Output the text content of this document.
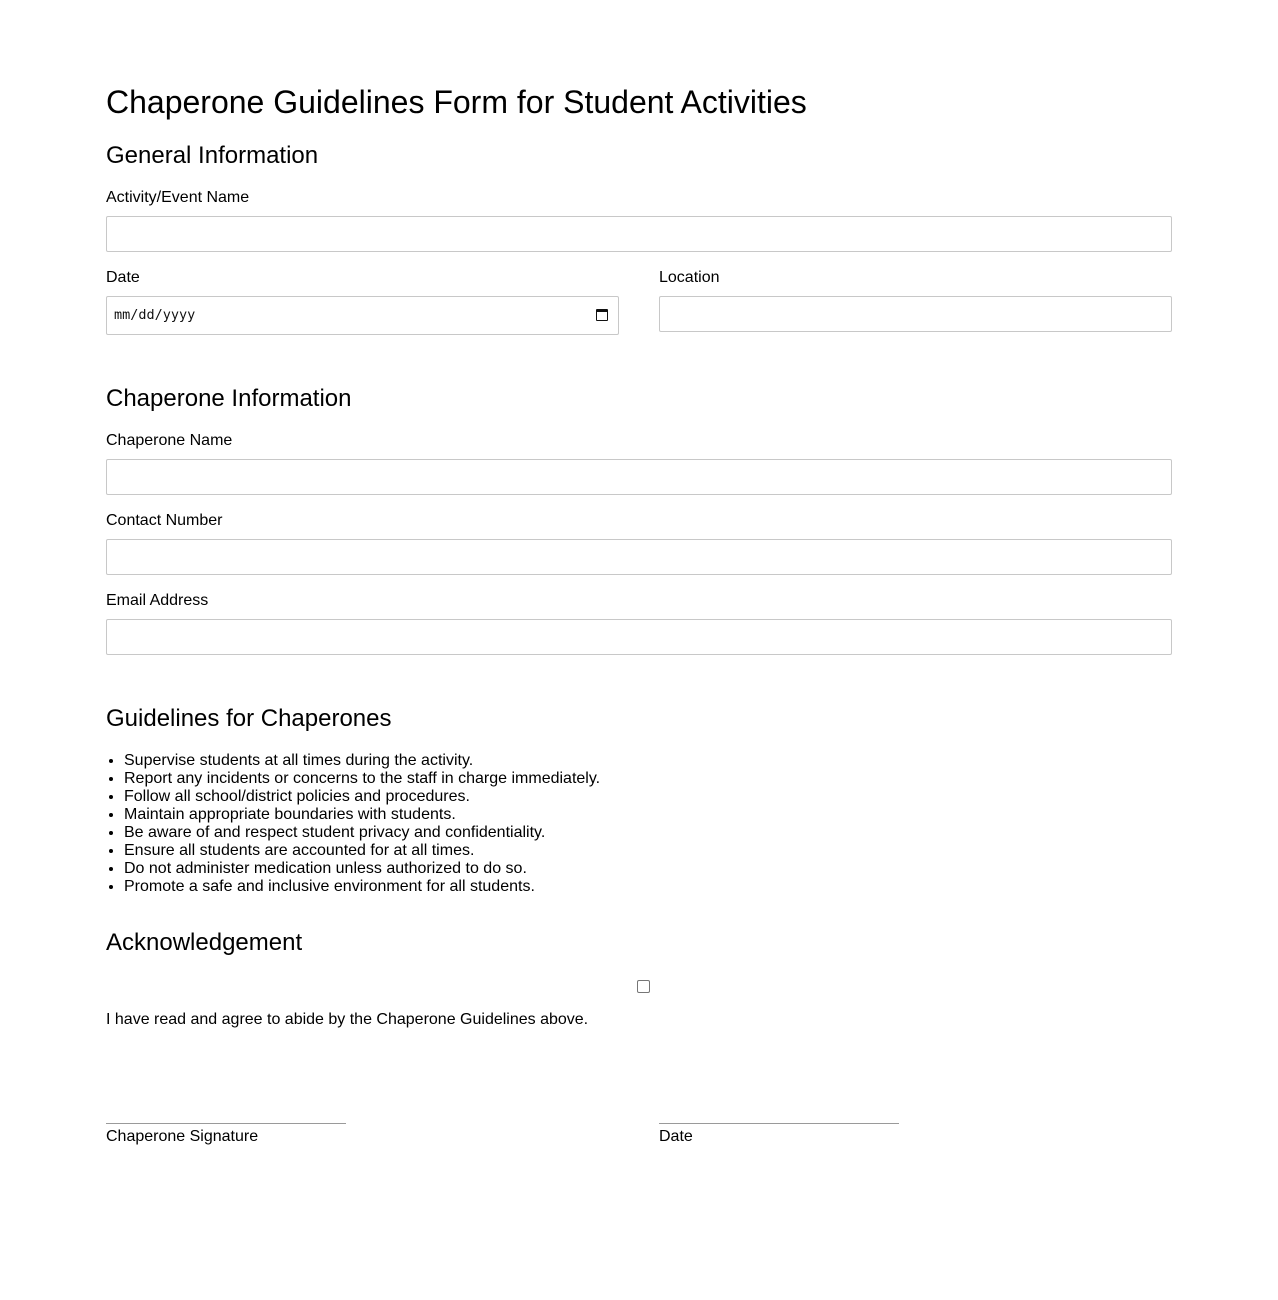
Chaperone Guidelines Form for Student Activities
General Information
Activity/Event Name
Date
mm/dd/yyyy
Location
Chaperone Information
Chaperone Name
Contact Number
Email Address
Guidelines for Chaperones
• Supervise students at all times during the activity.
• Report any incidents or concerns to the staff in charge immediately.
• Follow all school/district policies and procedures.
• Maintain appropriate boundaries with students.
• Be aware of and respect student privacy and confidentiality.
• Ensure all students are accounted for at all times.
• Do not administer medication unless authorized to do so.
• Promote a safe and inclusive environment for all students.
Acknowledgement
I have read and agree to abide by the Chaperone Guidelines above.
Chaperone Signature	Date
